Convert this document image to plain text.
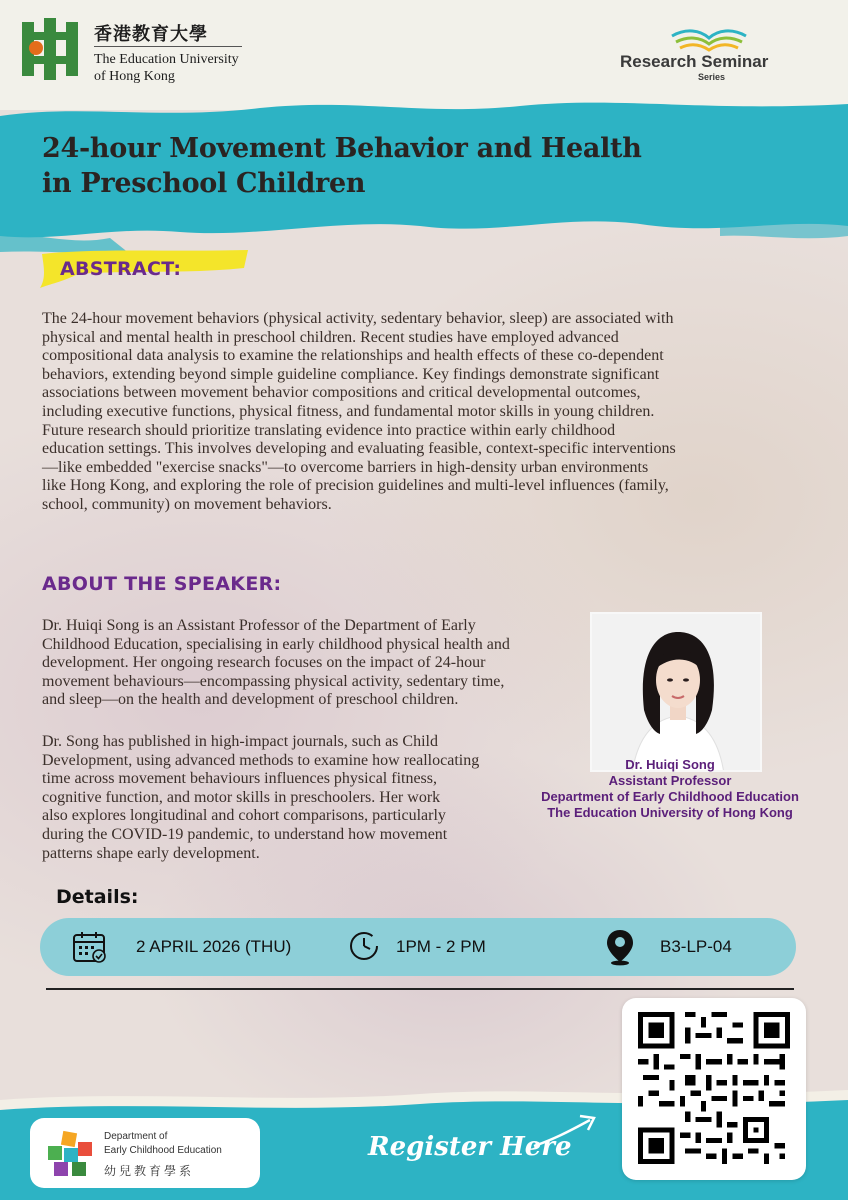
香港教育大學
The Education University
of Hong Kong
Research Seminar
Series
24-hour Movement Behavior and Health
in Preschool Children
ABSTRACT:
The 24-hour movement behaviors (physical activity, sedentary behavior, sleep) are associated with
physical and mental health in preschool children. Recent studies have employed advanced
compositional data analysis to examine the relationships and health effects of these co-dependent
behaviors, extending beyond simple guideline compliance. Key findings demonstrate significant
associations between movement behavior compositions and critical developmental outcomes,
including executive functions, physical fitness, and fundamental motor skills in young children.
Future research should prioritize translating evidence into practice within early childhood
education settings. This involves developing and evaluating feasible, context-specific interventions
—like embedded "exercise snacks"—to overcome barriers in high-density urban environments
like Hong Kong, and exploring the role of precision guidelines and multi-level influences (family,
school, community) on movement behaviors.
ABOUT THE SPEAKER:
Dr. Huiqi Song is an Assistant Professor of the Department of Early
Childhood Education, specialising in early childhood physical health and
development. Her ongoing research focuses on the impact of 24-hour
movement behaviours—encompassing physical activity, sedentary time,
and sleep—on the health and development of preschool children.
Dr. Song has published in high-impact journals, such as Child
Development, using advanced methods to examine how reallocating
time across movement behaviours influences physical fitness,
cognitive function, and motor skills in preschoolers. Her work
also explores longitudinal and cohort comparisons, particularly
during the COVID-19 pandemic, to understand how movement
patterns shape early development.
Dr. Huiqi Song
Assistant Professor
Department of Early Childhood Education
The Education University of Hong Kong
Details:
2 APRIL 2026 (THU)	1PM - 2 PM	B3-LP-04
Register Here
Department of
Early Childhood Education
幼兒教育學系
